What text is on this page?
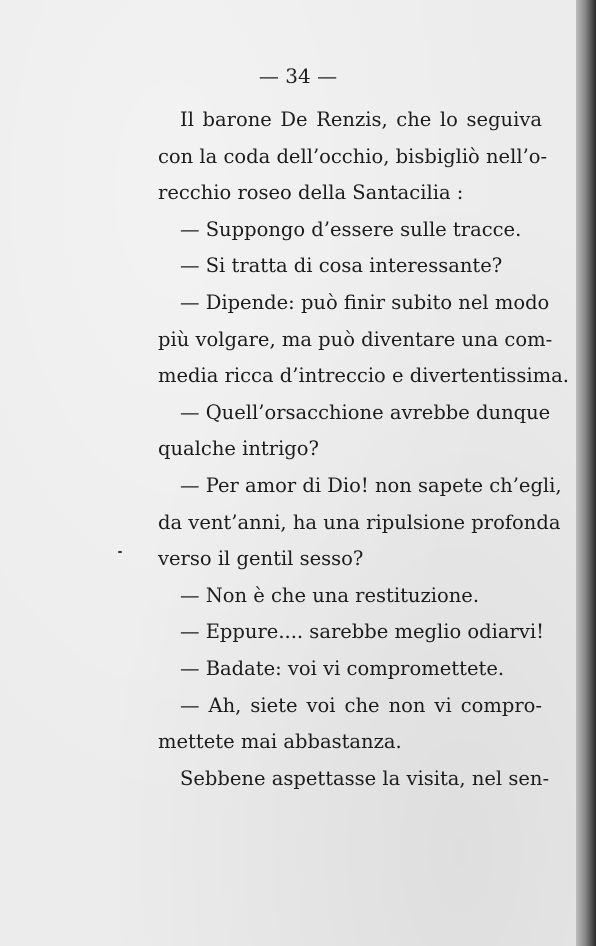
— 34 —
Il barone De Renzis, che lo seguiva
con la coda dell’occhio, bisbigliò nell’o-
recchio roseo della Santacilia :
— Suppongo d’essere sulle tracce.
— Si tratta di cosa interessante?
— Dipende: può finir subito nel modo
più volgare, ma può diventare una com-
media ricca d’intreccio e divertentissima.
— Quell’orsacchione avrebbe dunque
qualche intrigo?
— Per amor di Dio! non sapete ch’egli,
da vent’anni, ha una ripulsione profonda
verso il gentil sesso?
— Non è che una restituzione.
— Eppure.... sarebbe meglio odiarvi!
— Badate: voi vi compromettete.
— Ah, siete voi che non vi compro-
mettete mai abbastanza.
Sebbene aspettasse la visita, nel sen-
